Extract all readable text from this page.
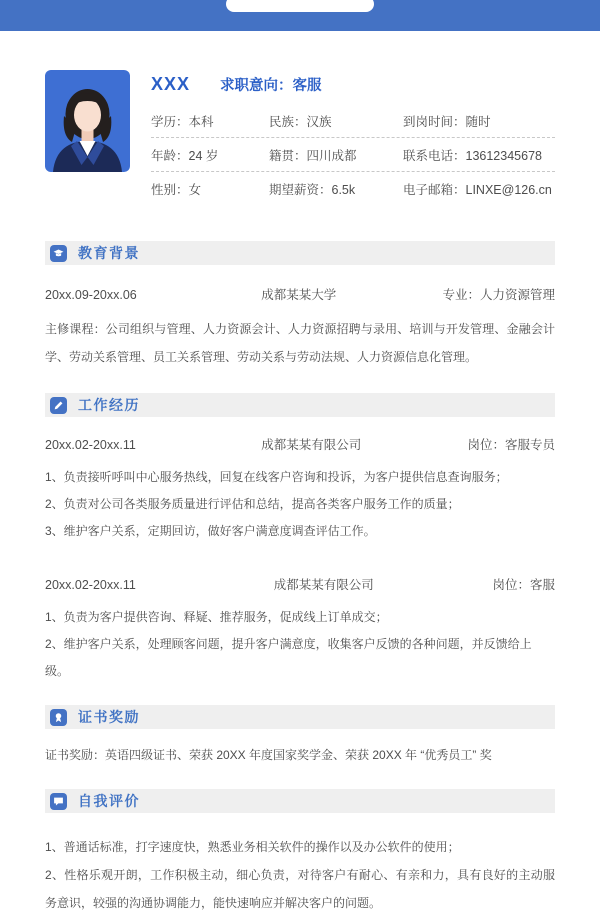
XXX 求职意向：客服
学历：本科	民族：汉族	到岗时间：随时
年龄：24 岁	籍贯：四川成都	联系电话：13612345678
性别：女	期望薪资：6.5k	电子邮箱：LINXE@126.cn
教育背景
20xx.09-20xx.06	成都某某大学	专业：人力资源管理

主修课程：公司组织与管理、人力资源会计、人力资源招聘与录用、培训与开发管理、金融会计学、劳动关系管理、员工关系管理、劳动关系与劳动法规、人力资源信息化管理。

工作经历
20xx.02-20xx.11	成都某某有限公司	岗位：客服专员

1、负责接听呼叫中心服务热线，回复在线客户咨询和投诉，为客户提供信息查询服务；

2、负责对公司各类服务质量进行评估和总结，提高各类客户服务工作的质量；

3、维护客户关系，定期回访，做好客户满意度调查评估工作。

20xx.02-20xx.11	成都某某有限公司	岗位：客服

1、负责为客户提供咨询、释疑、推荐服务，促成线上订单成交；

2、维护客户关系，处理顾客问题，提升客户满意度，收集客户反馈的各种问题，并反馈给上级。

证书奖励

证书奖励：英语四级证书、荣获 20XX 年度国家奖学金、荣获 20XX 年 “优秀员工” 奖

自我评价

1、普通话标准，打字速度快，熟悉业务相关软件的操作以及办公软件的使用；

2、性格乐观开朗，工作积极主动，细心负责，对待客户有耐心、有亲和力，具有良好的主动服务意识，较强的沟通协调能力，能快速响应并解决客户的问题。
